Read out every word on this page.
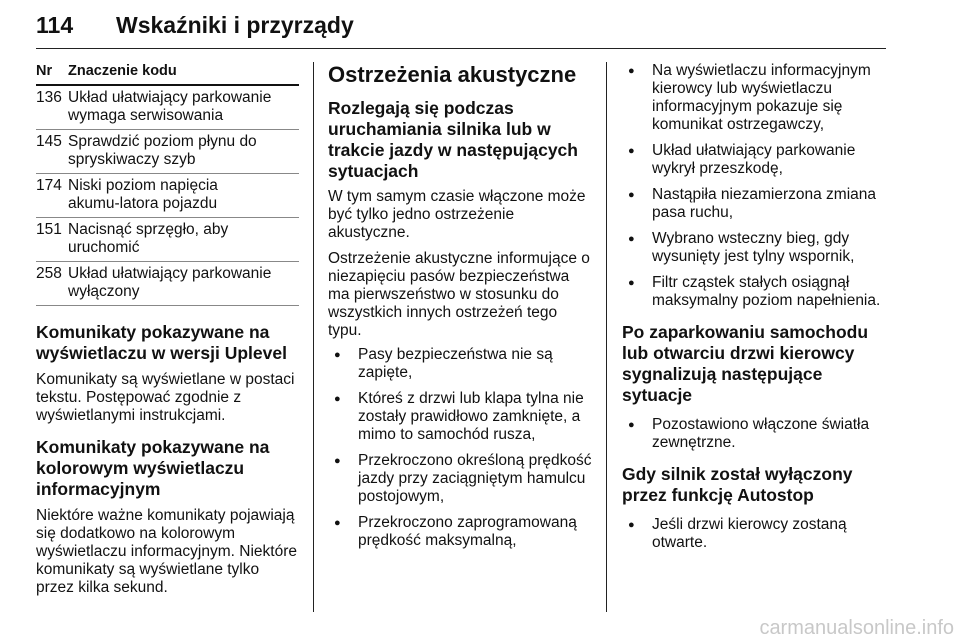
114 Wskaźniki i przyrządy
Nr	Znaczenie kodu
136 Układ ułatwiający parkowanie wymaga serwisowania
145 Sprawdzić poziom płynu do spryskiwaczy szyb
174 Niski poziom napięcia akumu‑latora pojazdu
151 Nacisnąć sprzęgło, aby uruchomić
258 Układ ułatwiający parkowanie wyłączony
Komunikaty pokazywane na wyświetlaczu w wersji Uplevel

Komunikaty są wyświetlane w postaci tekstu. Postępować zgodnie z wyświetlanymi instrukcjami.

Komunikaty pokazywane na kolorowym wyświetlaczu informacyjnym

Niektóre ważne komunikaty pojawiają się dodatkowo na kolorowym wyświetlaczu informacyjnym. Niektóre komunikaty są wyświetlane tylko przez kilka sekund.

Ostrzeżenia akustyczne
Rozlegają się podczas uruchamiania silnika lub w trakcie jazdy w następujących sytuacjach

W tym samym czasie włączone może być tylko jedno ostrzeżenie akustyczne.

Ostrzeżenie akustyczne informujące o niezapięciu pasów bezpieczeństwa ma pierwszeństwo w stosunku do wszystkich innych ostrzeżeń tego typu.

● Pasy bezpieczeństwa nie są zapięte,
● Któreś z drzwi lub klapa tylna nie zostały prawidłowo zamknięte, a mimo to samochód rusza,
● Przekroczono określoną prędkość jazdy przy zaciągniętym hamulcu postojowym,
● Przekroczono zaprogramowaną prędkość maksymalną,
● Na wyświetlaczu informacyjnym kierowcy lub wyświetlaczu informacyjnym pokazuje się komunikat ostrzegawczy,
● Układ ułatwiający parkowanie wykrył przeszkodę,
● Nastąpiła niezamierzona zmiana pasa ruchu,
● Wybrano wsteczny bieg, gdy wysunięty jest tylny wspornik,
● Filtr cząstek stałych osiągnął maksymalny poziom napełnienia.
Po zaparkowaniu samochodu lub otwarciu drzwi kierowcy sygnalizują następujące sytuacje
● Pozostawiono włączone światła zewnętrzne.
Gdy silnik został wyłączony przez funkcję Autostop
● Jeśli drzwi kierowcy zostaną otwarte.
carmanualsonline.info
